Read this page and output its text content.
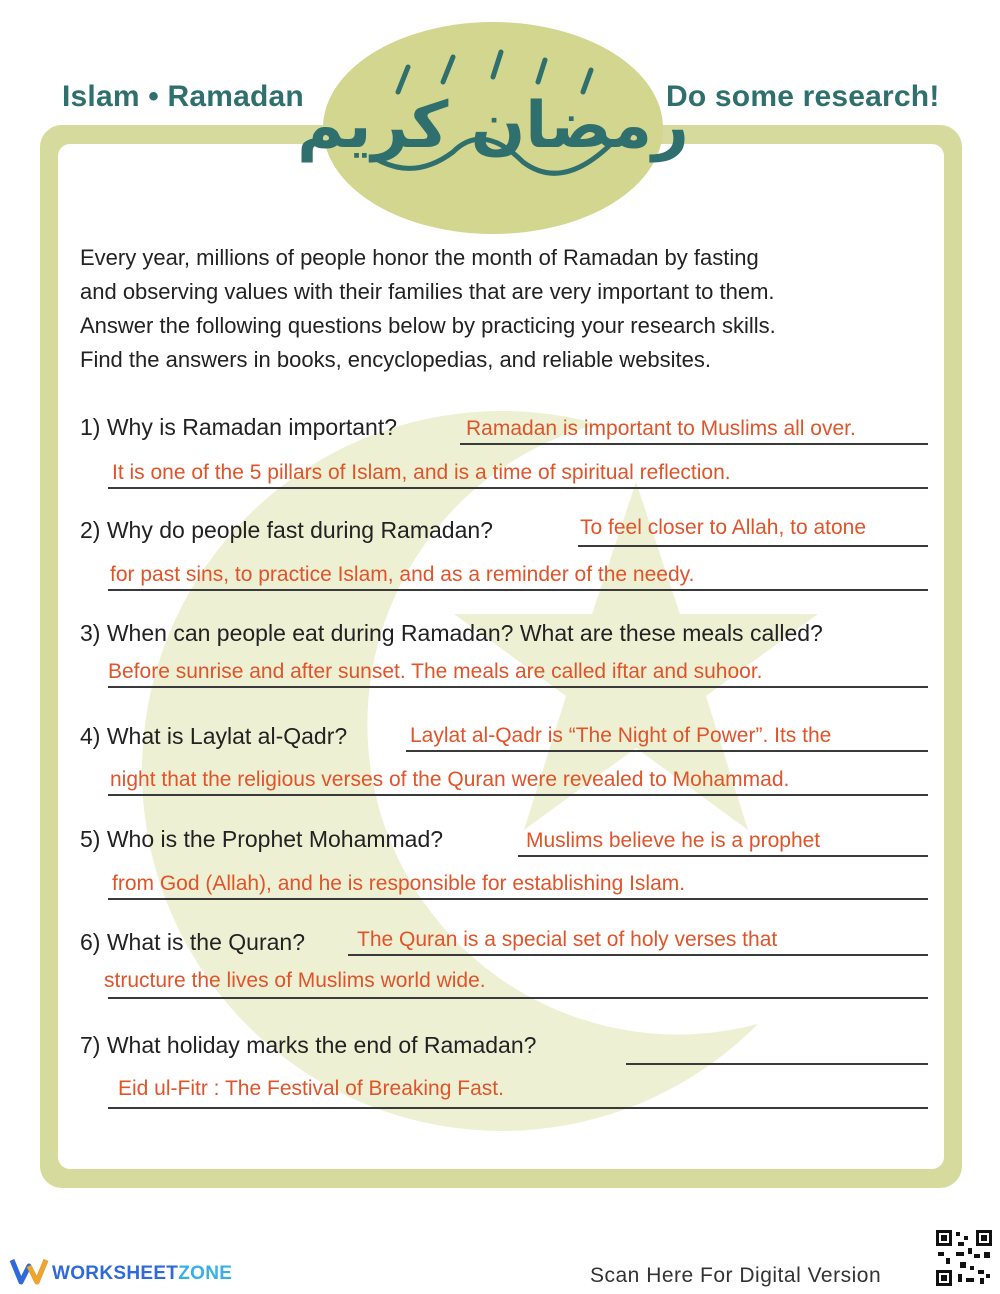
Islam • Ramadan	Do some research!
رمضان كريم
Every year, millions of people honor the month of Ramadan by fasting
and observing values with their families that are very important to them.
Answer the following questions below by practicing your research skills.
Find the answers in books, encyclopedias, and reliable websites.
1) Why is Ramadan important?	Ramadan is important to Muslims all over.
It is one of the 5 pillars of Islam, and is a time of spiritual reflection.
2) Why do people fast during Ramadan?	To feel closer to Allah, to atone
for past sins, to practice Islam, and as a reminder of the needy.
3) When can people eat during Ramadan? What are these meals called?
Before sunrise and after sunset. The meals are called iftar and suhoor.
4) What is Laylat al-Qadr?	Laylat al-Qadr is “The Night of Power”. Its the
night that the religious verses of the Quran were revealed to Mohammad.
5) Who is the Prophet Mohammad?	Muslims believe he is a prophet
from God (Allah), and he is responsible for establishing Islam.
6) What is the Quran? The Quran is a special set of holy verses that
structure the lives of Muslims world wide.
7) What holiday marks the end of Ramadan?
Eid ul-Fitr : The Festival of Breaking Fast.
WORKSHEETZONE	Scan Here For Digital Version
